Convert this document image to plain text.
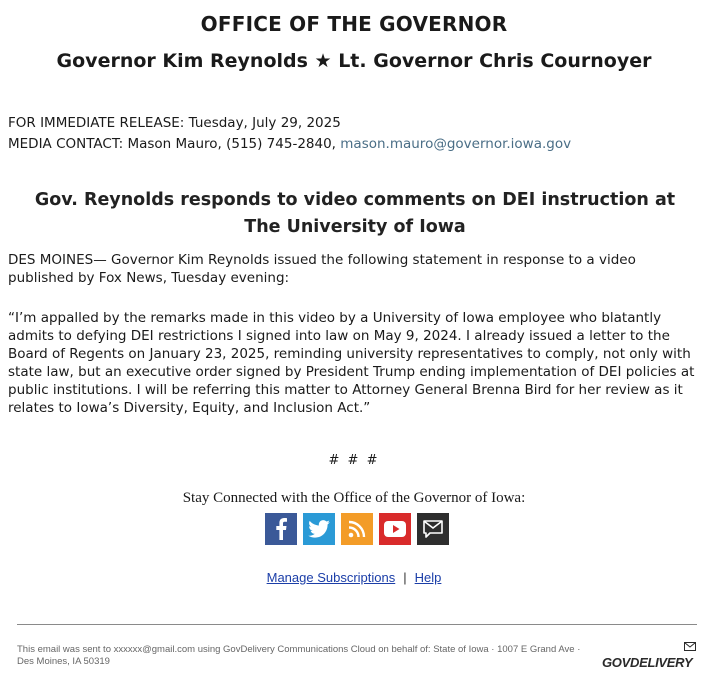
OFFICE OF THE GOVERNOR
Governor Kim Reynolds ★ Lt. Governor Chris Cournoyer
FOR IMMEDIATE RELEASE: Tuesday, July 29, 2025
MEDIA CONTACT: Mason Mauro, (515) 745-2840, mason.mauro@governor.iowa.gov
Gov. Reynolds responds to video comments on DEI instruction at The University of Iowa
DES MOINES— Governor Kim Reynolds issued the following statement in response to a video published by Fox News, Tuesday evening:
“I’m appalled by the remarks made in this video by a University of Iowa employee who blatantly admits to defying DEI restrictions I signed into law on May 9, 2024. I already issued a letter to the Board of Regents on January 23, 2025, reminding university representatives to comply, not only with state law, but an executive order signed by President Trump ending implementation of DEI policies at public institutions. I will be referring this matter to Attorney General Brenna Bird for her review as it relates to Iowa’s Diversity, Equity, and Inclusion Act.”
# # #
Stay Connected with the Office of the Governor of Iowa:
Manage Subscriptions | Help
This email was sent to xxxxxx@gmail.com using GovDelivery Communications Cloud on behalf of: State of Iowa · 1007 E Grand Ave · Des Moines, IA 50319	GOVDELIVERY
